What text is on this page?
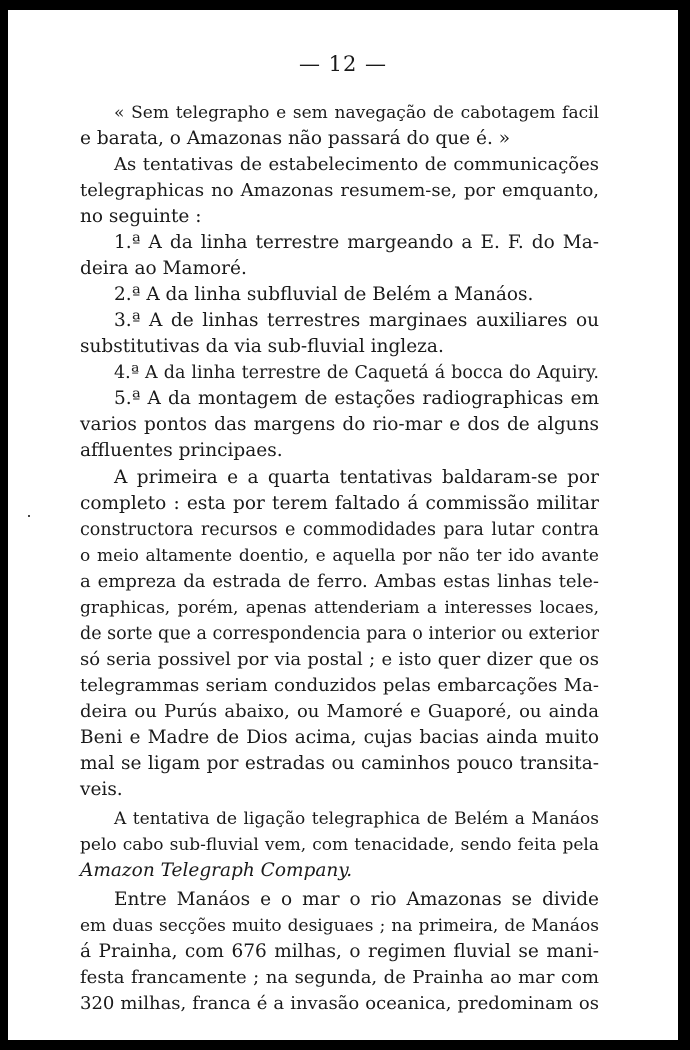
— 12 —
« Sem telegrapho e sem navegação de cabotagem facil
e barata, o Amazonas não passará do que é. »
As tentativas de estabelecimento de communicações
telegraphicas no Amazonas resumem-se, por emquanto,
no seguinte :
1.ª A da linha terrestre margeando a E. F. do Ma-
deira ao Mamoré.
2.ª A da linha subfluvial de Belém a Manáos.
3.ª A de linhas terrestres marginaes auxiliares ou
substitutivas da via sub-fluvial ingleza.
4.ª A da linha terrestre de Caquetá á bocca do Aquiry.
5.ª A da montagem de estações radiographicas em
varios pontos das margens do rio-mar e dos de alguns
affluentes principaes.
A primeira e a quarta tentativas baldaram-se por
completo : esta por terem faltado á commissão militar
constructora recursos e commodidades para lutar contra
o meio altamente doentio, e aquella por não ter ido avante
a empreza da estrada de ferro. Ambas estas linhas tele-
graphicas, porém, apenas attenderiam a interesses locaes,
de sorte que a correspondencia para o interior ou exterior
só seria possivel por via postal ; e isto quer dizer que os
telegrammas seriam conduzidos pelas embarcações Ma-
deira ou Purús abaixo, ou Mamoré e Guaporé, ou ainda
Beni e Madre de Dios acima, cujas bacias ainda muito
mal se ligam por estradas ou caminhos pouco transita-
veis.
A tentativa de ligação telegraphica de Belém a Manáos
pelo cabo sub-fluvial vem, com tenacidade, sendo feita pela
Amazon Telegraph Company.
Entre Manáos e o mar o rio Amazonas se divide
em duas secções muito desiguaes ; na primeira, de Manáos
á Prainha, com 676 milhas, o regimen fluvial se mani-
festa francamente ; na segunda, de Prainha ao mar com
320 milhas, franca é a invasão oceanica, predominam os
